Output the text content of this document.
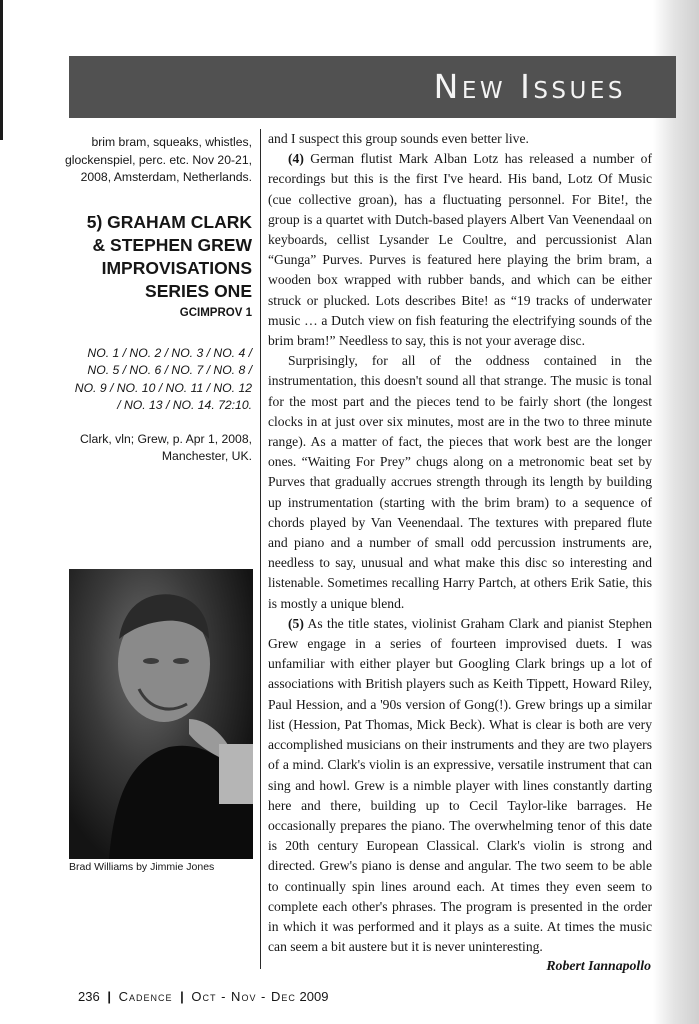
New Issues

brim bram, squeaks, whistles, glockenspiel, perc. etc. Nov 20-21, 2008, Amsterdam, Netherlands.

5) GRAHAM CLARK
& STEPHEN GREW
IMPROVISATIONS
SERIES ONE

GCIMPROV 1

NO. 1 / NO. 2 / NO. 3 / NO. 4 /
NO. 5 / NO. 6 / NO. 7 / NO. 8 /
NO. 9 / NO. 10 / NO. 11 / NO. 12
/ NO. 13 / NO. 14. 72:10.

Clark, vln; Grew, p. Apr 1, 2008,
Manchester, UK.

Brad Williams by Jimmie Jones

and I suspect this group sounds even better live.

(4) German flutist Mark Alban Lotz has released a number of recordings but this is the first I've heard. His band, Lotz Of Music (cue collective groan), has a fluctuating personnel. For Bite!, the group is a quartet with Dutch-based players Albert Van Veenendaal on keyboards, cellist Lysander Le Coultre, and percussionist Alan “Gunga” Purves. Purves is featured here playing the brim bram, a wooden box wrapped with rubber bands, and which can be either struck or plucked. Lots describes Bite! as “19 tracks of underwater music … a Dutch view on fish featuring the electrifying sounds of the brim bram!” Needless to say, this is not your average disc.

Surprisingly, for all of the oddness contained in the instrumentation, this doesn't sound all that strange. The music is tonal for the most part and the pieces tend to be fairly short (the longest clocks in at just over six minutes, most are in the two to three minute range). As a matter of fact, the pieces that work best are the longer ones. “Waiting For Prey” chugs along on a metronomic beat set by Purves that gradually accrues strength through its length by building up instrumentation (starting with the brim bram) to a sequence of chords played by Van Veenendaal. The textures with prepared flute and piano and a number of small odd percussion instruments are, needless to say, unusual and what make this disc so interesting and listenable. Sometimes recalling Harry Partch, at others Erik Satie, this is mostly a unique blend.

(5) As the title states, violinist Graham Clark and pianist Stephen Grew engage in a series of fourteen improvised duets. I was unfamiliar with either player but Googling Clark brings up a lot of associations with British players such as Keith Tippett, Howard Riley, Paul Hession, and a '90s version of Gong(!). Grew brings up a similar list (Hession, Pat Thomas, Mick Beck). What is clear is both are very accomplished musicians on their instruments and they are two players of a mind. Clark's violin is an expressive, versatile instrument that can sing and howl. Grew is a nimble player with lines constantly darting here and there, building up to Cecil Taylor-like barrages. He occasionally prepares the piano. The overwhelming tenor of this date is 20th century European Classical. Clark's violin is strong and directed. Grew's piano is dense and angular. The two seem to be able to continually spin lines around each. At times they even seem to complete each other's phrases. The program is presented in the order in which it was performed and it plays as a suite. At times the music can seem a bit austere but it is never uninteresting.

Robert Iannapollo
236 | Cadence | Oct - Nov - Dec 2009
